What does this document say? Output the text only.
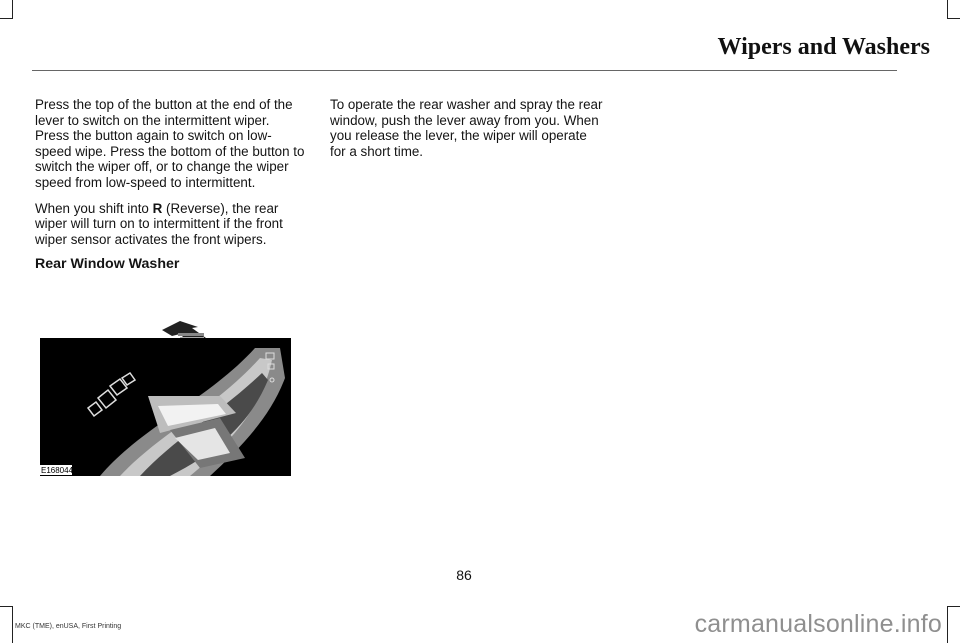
Wipers and Washers

Press the top of the button at the end of the lever to switch on the intermittent wiper. Press the button again to switch on low-speed wipe. Press the bottom of the button to switch the wiper off, or to change the wiper speed from low-speed to intermittent.

When you shift into R (Reverse), the rear wiper will turn on to intermittent if the front wiper sensor activates the front wipers.

Rear Window Washer

To operate the rear washer and spray the rear window, push the lever away from you. When you release the lever, the wiper will operate for a short time.

E168044
86
MKC (TME), enUSA, First Printing	carmanualsonline.info
